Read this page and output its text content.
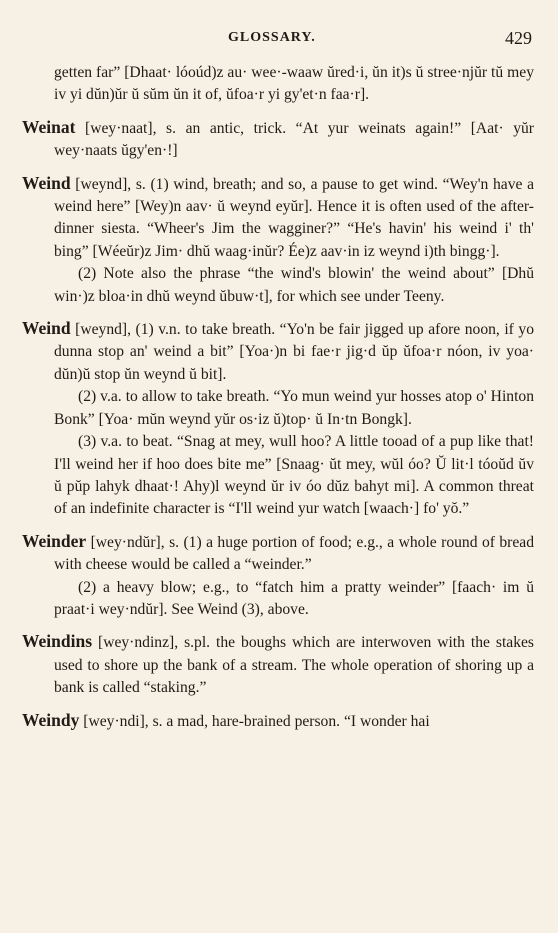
GLOSSARY.	429

getten far” [Dhaat· lóoúd)z au· wee·-waaw ŭred·i, ŭn it)s ŭ stree·njŭr tŭ mey iv yi dŭn)ŭr ŭ sŭm ŭn it of, ŭfoa·r yi gy'et·n faa·r].

Weinat [wey·naat], s. an antic, trick. “At yur weinats again!” [Aat· yŭr wey·naats ŭgy'en·!]
Weind [weynd], s. (1) wind, breath; and so, a pause to get wind. “Wey'n have a weind here” [Wey)n aav· ŭ weynd eyŭr]. Hence it is often used of the after-dinner siesta. “Wheer's Jim the wagginer?” “He's havin' his weind i' th' bing” [Wéeŭr)z Jim· dhŭ waag·inŭr? Ée)z aav·in iz weynd i)th bingg·].

(2) Note also the phrase “the wind's blowin' the weind about” [Dhŭ win·)z bloa·in dhŭ weynd ŭbuw·t], for which see under Teeny.

Weind [weynd], (1) v.n. to take breath. “Yo'n be fair jigged up afore noon, if yo dunna stop an' weind a bit” [Yoa·)n bi fae·r jig·d ŭp ŭfoa·r nóon, iv yoa· dŭn)ŭ stop ŭn weynd ŭ bit].

(2) v.a. to allow to take breath. “Yo mun weind yur hosses atop o' Hinton Bonk” [Yoa· mŭn weynd yŭr os·iz ŭ)top· ŭ In·tn Bongk].

(3) v.a. to beat. “Snag at mey, wull hoo? A little tooad of a pup like that! I'll weind her if hoo does bite me” [Snaag· ŭt mey, wŭl óo? Ŭ lit·l tóoŭd ŭv ŭ pŭp lahyk dhaat·! Ahy)l weynd ŭr iv óo dŭz bahyt mi]. A common threat of an indefinite character is “I'll weind yur watch [waach·] fo' yŏ.”

Weinder [wey·ndŭr], s. (1) a huge portion of food; e.g., a whole round of bread with cheese would be called a “weinder.”

(2) a heavy blow; e.g., to “fatch him a pratty weinder” [faach· im ŭ praat·i wey·ndŭr]. See Weind (3), above.

Weindins [wey·ndinz], s.pl. the boughs which are interwoven with the stakes used to shore up the bank of a stream. The whole operation of shoring up a bank is called “staking.”
Weindy [wey·ndi], s. a mad, hare-brained person. “I wonder hai
